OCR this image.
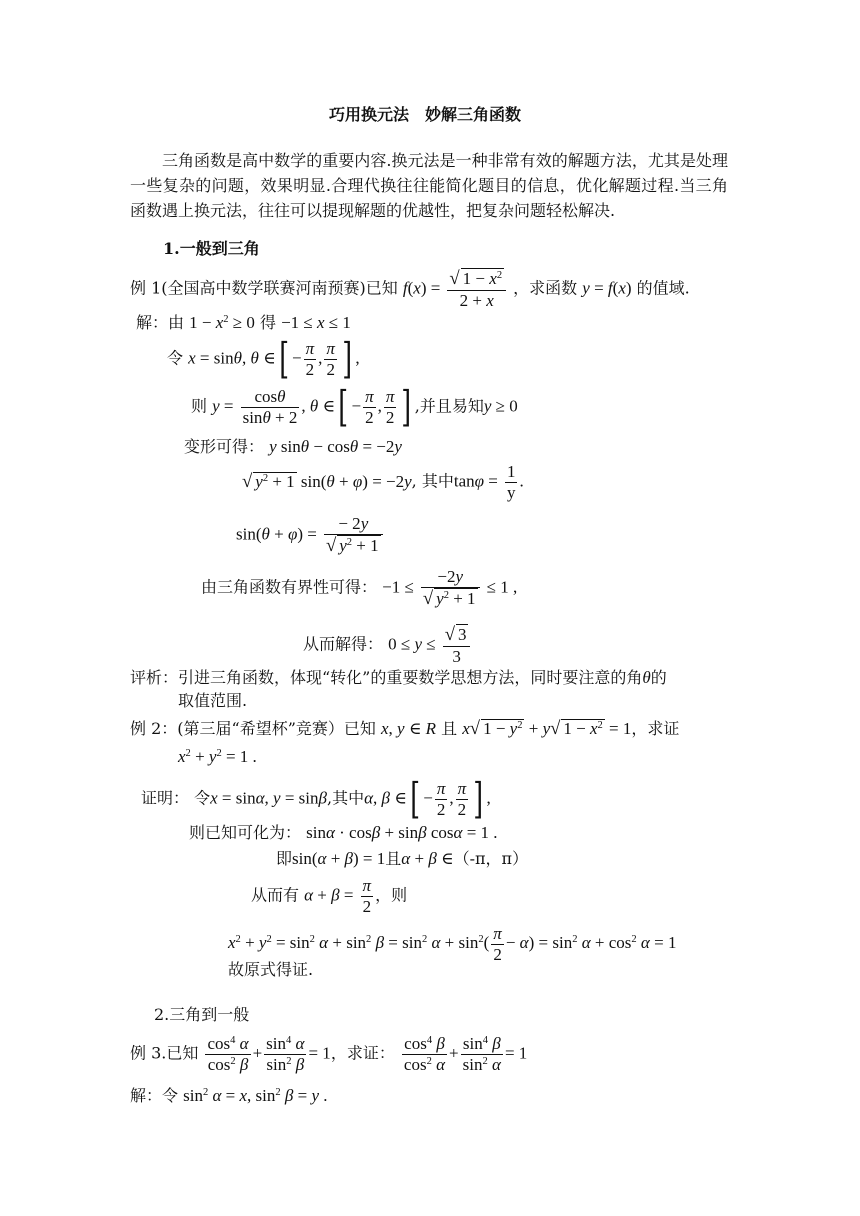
巧用换元法　妙解三角函数
三角函数是高中数学的重要内容.换元法是一种非常有效的解题方法，尤其是处理一些复杂的问题，效果明显.合理代换往往能简化题目的信息，优化解题过程.当三角函数遇上换元法，往往可以提现解题的优越性，把复杂问题轻松解决.
1.一般到三角
例 1(全国高中数学联赛河南预赛)已知 $f(x) = \frac{√ 1 - x^2}{2 + x}$ ，求函数 y = f(x) 的值域.
解：由 $1 - x^2 \ge 0$ 得 −1 ≤ x ≤ 1
令 x = sinθ, θ ∈[ − $\frac{\pi}{2}$ , $\frac{\pi}{2}$ ] ,
则 $y = \frac{\cos\theta}{\sin\theta + 2}$ , θ ∈[ − $\frac{\pi}{2}$ , $\frac{\pi}{2}$ ] ,并且易知y ≥ 0
变形可得： y sinθ − cosθ = −2y
√ $y^2 + 1$ sin(θ + φ) = −2y, 其中$\tan\varphi = \frac{1}{y}$ .
$\sin(\theta + \varphi) = \frac{- 2y}{√ y^2 + 1}$
由三角函数有界性可得： $-1 \le \frac{-2y}{√ y^2 + 1} \le 1$ ,
从而解得： $0 \le y \le \frac{√ 3}{3}$
评析：引进三角函数，体现“转化”的重要数学思想方法，同时要注意的角θ的
取值范围.
例 2：(第三届“希望杯”竞赛）已知 x, y ∈ R 且 x√ $1 - y^2 + y√$ $1 - x^2 = 1$，求证
$x^2 + y^2 = 1$ .
证明： 令x = sinα, y = sinβ,其中α, β ∈[ − $\frac{\pi}{2}$ , $\frac{\pi}{2}$ ] ,
则已知可化为： sinα · cosβ + sinβ cosα = 1 .
即sin(α + β) = 1且α + β ∈（-π，π）
从而有 $\alpha + \beta = \frac{\pi}{2}$ ，则
$x^2 + y^2 = \sin^2 \alpha + \sin^2 \beta = \sin^2 \alpha + \sin^2( \frac{\pi}{2} - \alpha) = \sin^2 \alpha + \cos^2 \alpha = 1$
故原式得证.
2.三角到一般
例 3.已知 $\frac{\cos^4 \alpha}{\cos^2 \beta} + \frac{\sin^4 \alpha}{\sin^2 \beta} = 1$，求证： $\frac{\cos^4 \beta}{\cos^2 \alpha} + \frac{\sin^4 \beta}{\sin^2 \alpha} = 1$
解：令 $\sin^2 \alpha = x$, $\sin^2 \beta = y$ .
